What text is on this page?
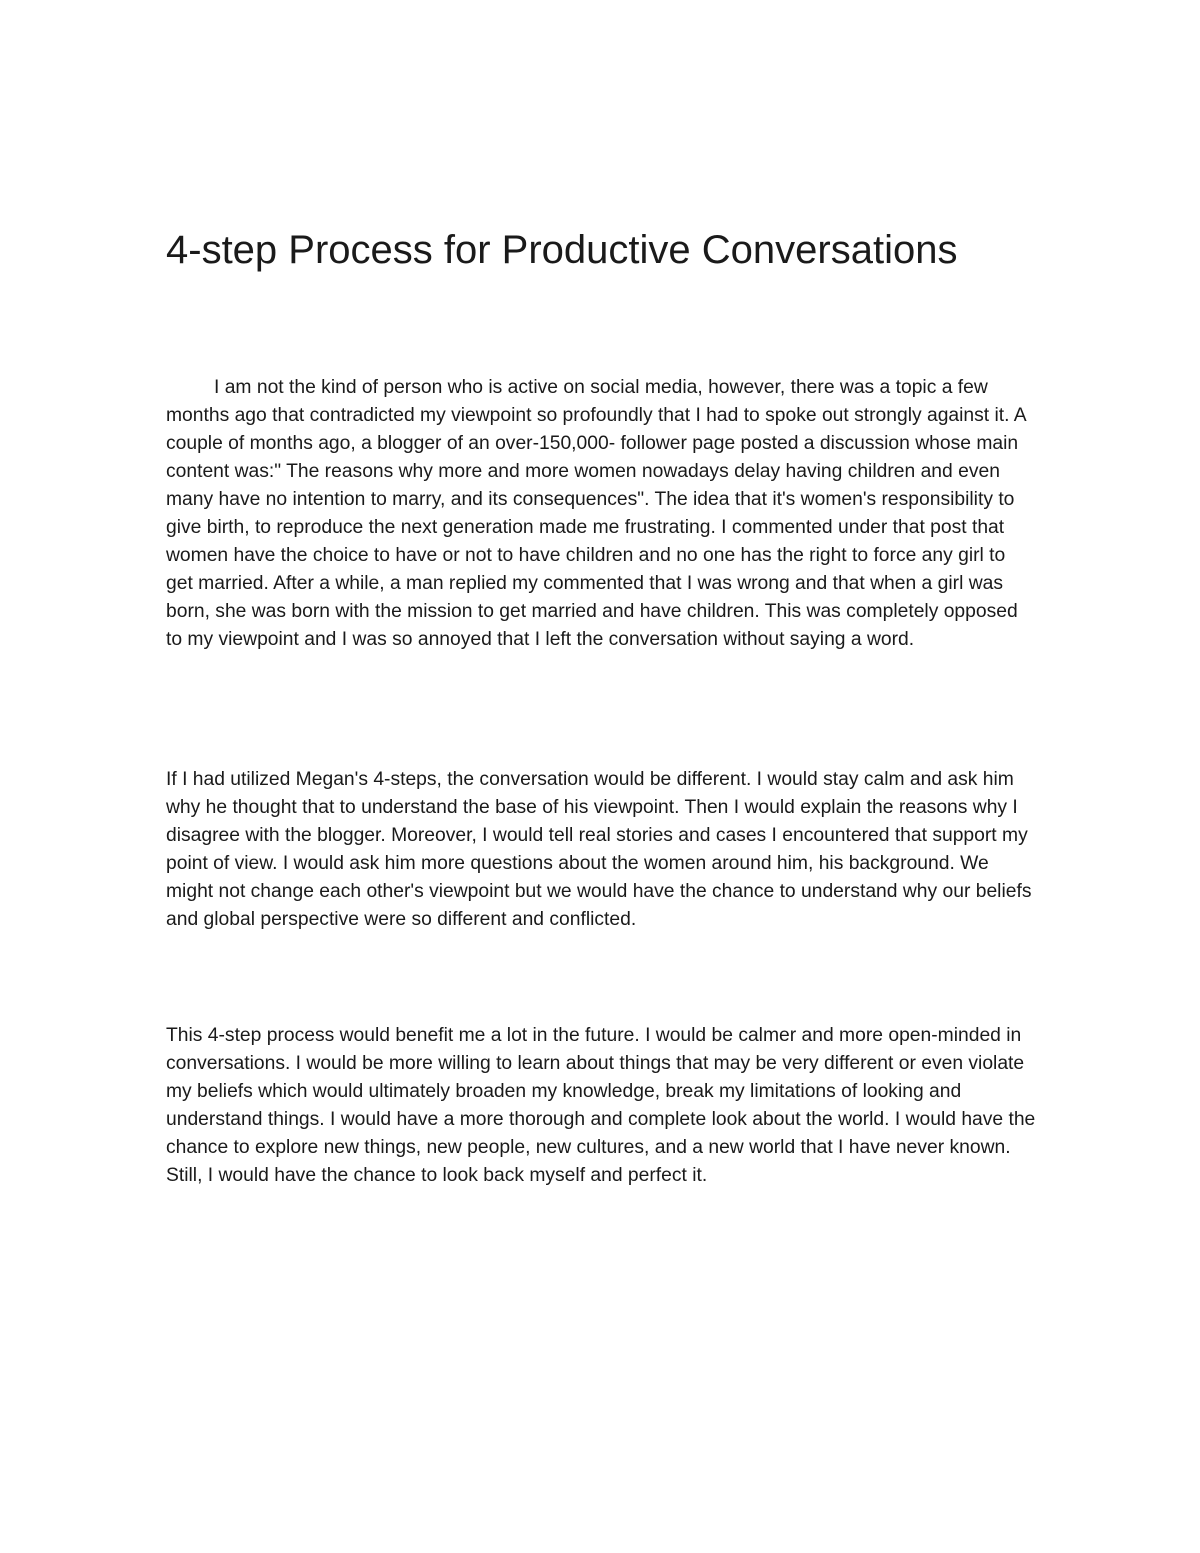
4-step Process for Productive Conversations

I am not the kind of person who is active on social media, however, there was a topic a few months ago that contradicted my viewpoint so profoundly that I had to spoke out strongly against it. A couple of months ago, a blogger of an over-150,000- follower page posted a discussion whose main content was:" The reasons why more and more women nowadays delay having children and even many have no intention to marry, and its consequences". The idea that it's women's responsibility to give birth, to reproduce the next generation made me frustrating. I commented under that post that women have the choice to have or not to have children and no one has the right to force any girl to get married. After a while, a man replied my commented that I was wrong and that when a girl was born, she was born with the mission to get married and have children. This was completely opposed to my viewpoint and I was so annoyed that I left the conversation without saying a word.

If I had utilized Megan's 4-steps, the conversation would be different. I would stay calm and ask him why he thought that to understand the base of his viewpoint. Then I would explain the reasons why I disagree with the blogger. Moreover, I would tell real stories and cases I encountered that support my point of view. I would ask him more questions about the women around him, his background. We might not change each other's viewpoint but we would have the chance to understand why our beliefs and global perspective were so different and conflicted.

This 4-step process would benefit me a lot in the future. I would be calmer and more open-minded in conversations. I would be more willing to learn about things that may be very different or even violate my beliefs which would ultimately broaden my knowledge, break my limitations of looking and understand things. I would have a more thorough and complete look about the world. I would have the chance to explore new things, new people, new cultures, and a new world that I have never known. Still, I would have the chance to look back myself and perfect it.
